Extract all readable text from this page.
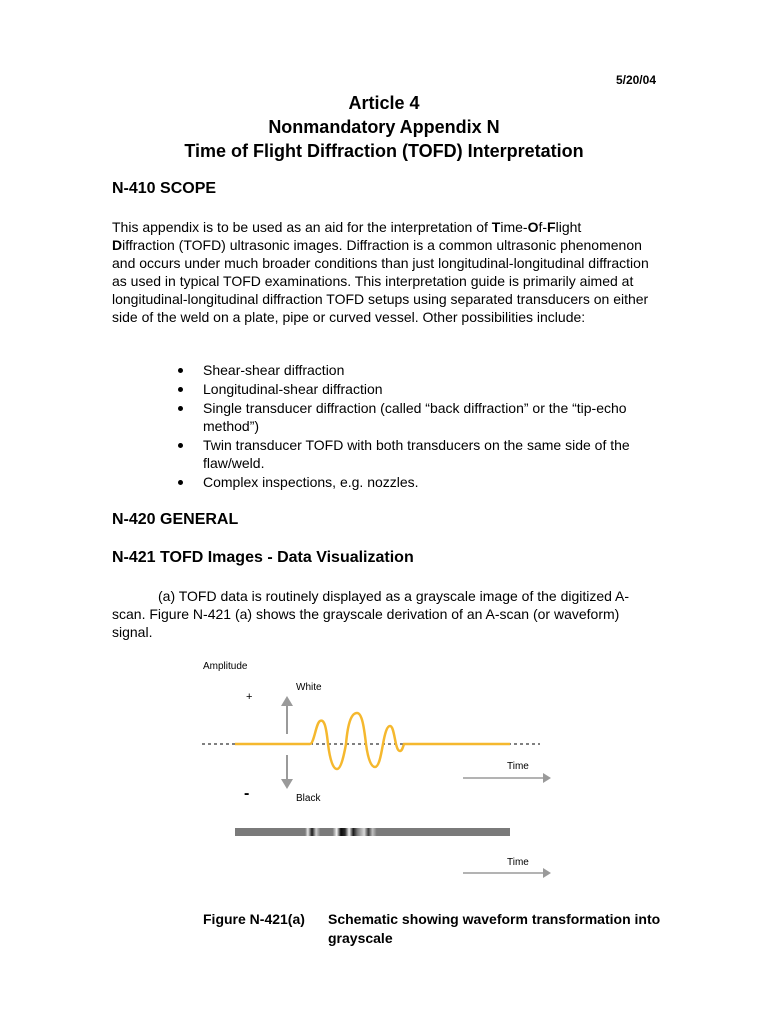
5/20/04
Article 4
Nonmandatory Appendix N
Time of Flight Diffraction (TOFD) Interpretation
N-410 SCOPE
This appendix is to be used as an aid for the interpretation of Time-Of-Flight
Diffraction (TOFD) ultrasonic images. Diffraction is a common ultrasonic phenomenon and occurs under much broader conditions than just longitudinal-longitudinal diffraction as used in typical TOFD examinations. This interpretation guide is primarily aimed at longitudinal-longitudinal diffraction TOFD setups using separated transducers on either side of the weld on a plate, pipe or curved vessel. Other possibilities include:
Shear-shear diffraction
Longitudinal-shear diffraction
Single transducer diffraction (called “back diffraction” or the “tip-echo method”)
Twin transducer TOFD with both transducers on the same side of the flaw/weld.
Complex inspections, e.g. nozzles.
N-420 GENERAL
N-421 TOFD Images - Data Visualization
(a) TOFD data is routinely displayed as a grayscale image of the digitized A-scan. Figure N-421 (a) shows the grayscale derivation of an A-scan (or waveform) signal.
Amplitude
+
-
White
Black
Time
Time
Figure N-421(a) Schematic showing waveform transformation into grayscale
